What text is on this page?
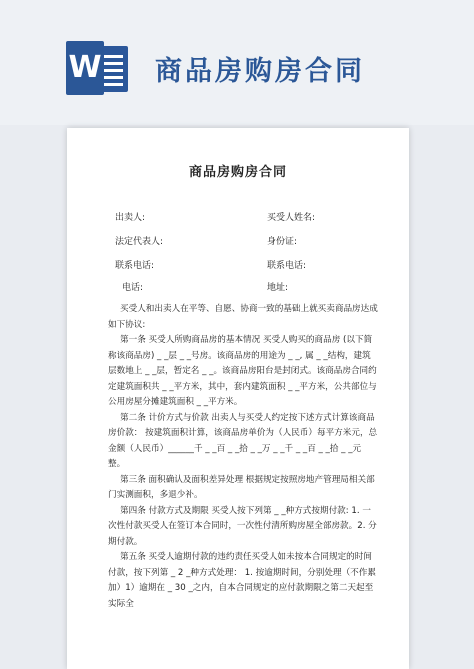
W 商品房购房合同
商品房购房合同
出卖人:	买受人姓名:
法定代表人:	身份证:
联系电话:	联系电话:
电话:	地址:

买受人和出卖人在平等、自愿、协商一致的基础上就买卖商品房达成如下协议:

第一条 买受人所购商品房的基本情况 买受人购买的商品房 (以下简称该商品房) _ _层 _ _号房。该商品房的用途为 _ _, 属 _ _结构，建筑层数地上 _ _层，暂定名 _ _。该商品房阳台是封闭式。该商品房合同约定建筑面积共 _ _平方米，其中，套内建筑面积 _ _平方米，公共部位与公用房屋分摊建筑面积 _ _平方米。

第二条 计价方式与价款 出卖人与买受人约定按下述方式计算该商品房价款： 按建筑面积计算，该商品房单价为（人民币）每平方米元，总金额（人民币）______千 _ _百 _ _拾 _ _万 _ _千 _ _百 _ _拾 _ _元整。

第三条 面积确认及面积差异处理 根据规定按照房地产管理局相关部门实测面积，多退少补。

第四条 付款方式及期限 买受人按下列第 _ _种方式按期付款: 1. 一次性付款买受人在签订本合同时，一次性付清所购房屋全部房款。2. 分期付款。

第五条 买受人逾期付款的违约责任买受人如未按本合同规定的时间付款，按下列第 _ 2 _种方式处理： 1. 按逾期时间，分别处理（不作累加）1）逾期在 _ 30 _之内，自本合同规定的应付款期限之第二天起至实际全
